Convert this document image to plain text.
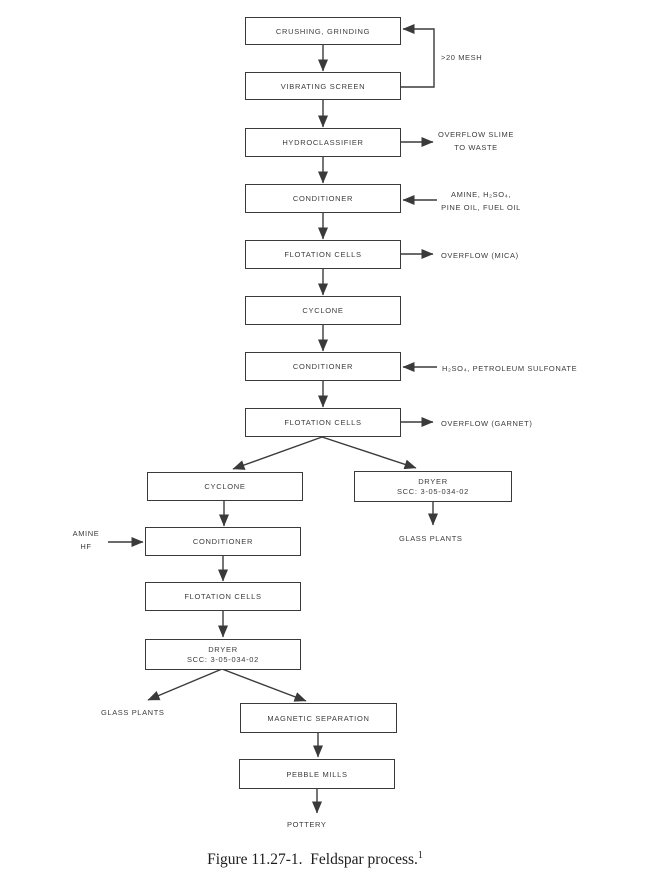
CRUSHING, GRINDING
VIBRATING SCREEN
HYDROCLASSIFIER
CONDITIONER
FLOTATION CELLS
CYCLONE
CONDITIONER
FLOTATION CELLS
CYCLONE
DRYER
SCC: 3-05-034-02
CONDITIONER
FLOTATION CELLS
DRYER
SCC: 3-05-034-02
MAGNETIC SEPARATION
PEBBLE MILLS
>20 MESH
OVERFLOW SLIME
TO WASTE
AMINE, H₂SO₄,
PINE OIL, FUEL OIL
OVERFLOW (MICA)
H₂SO₄, PETROLEUM SULFONATE
OVERFLOW (GARNET)
AMINE
HF
GLASS PLANTS
GLASS PLANTS
POTTERY
Figure 11.27-1.  Feldspar process.$^1$
